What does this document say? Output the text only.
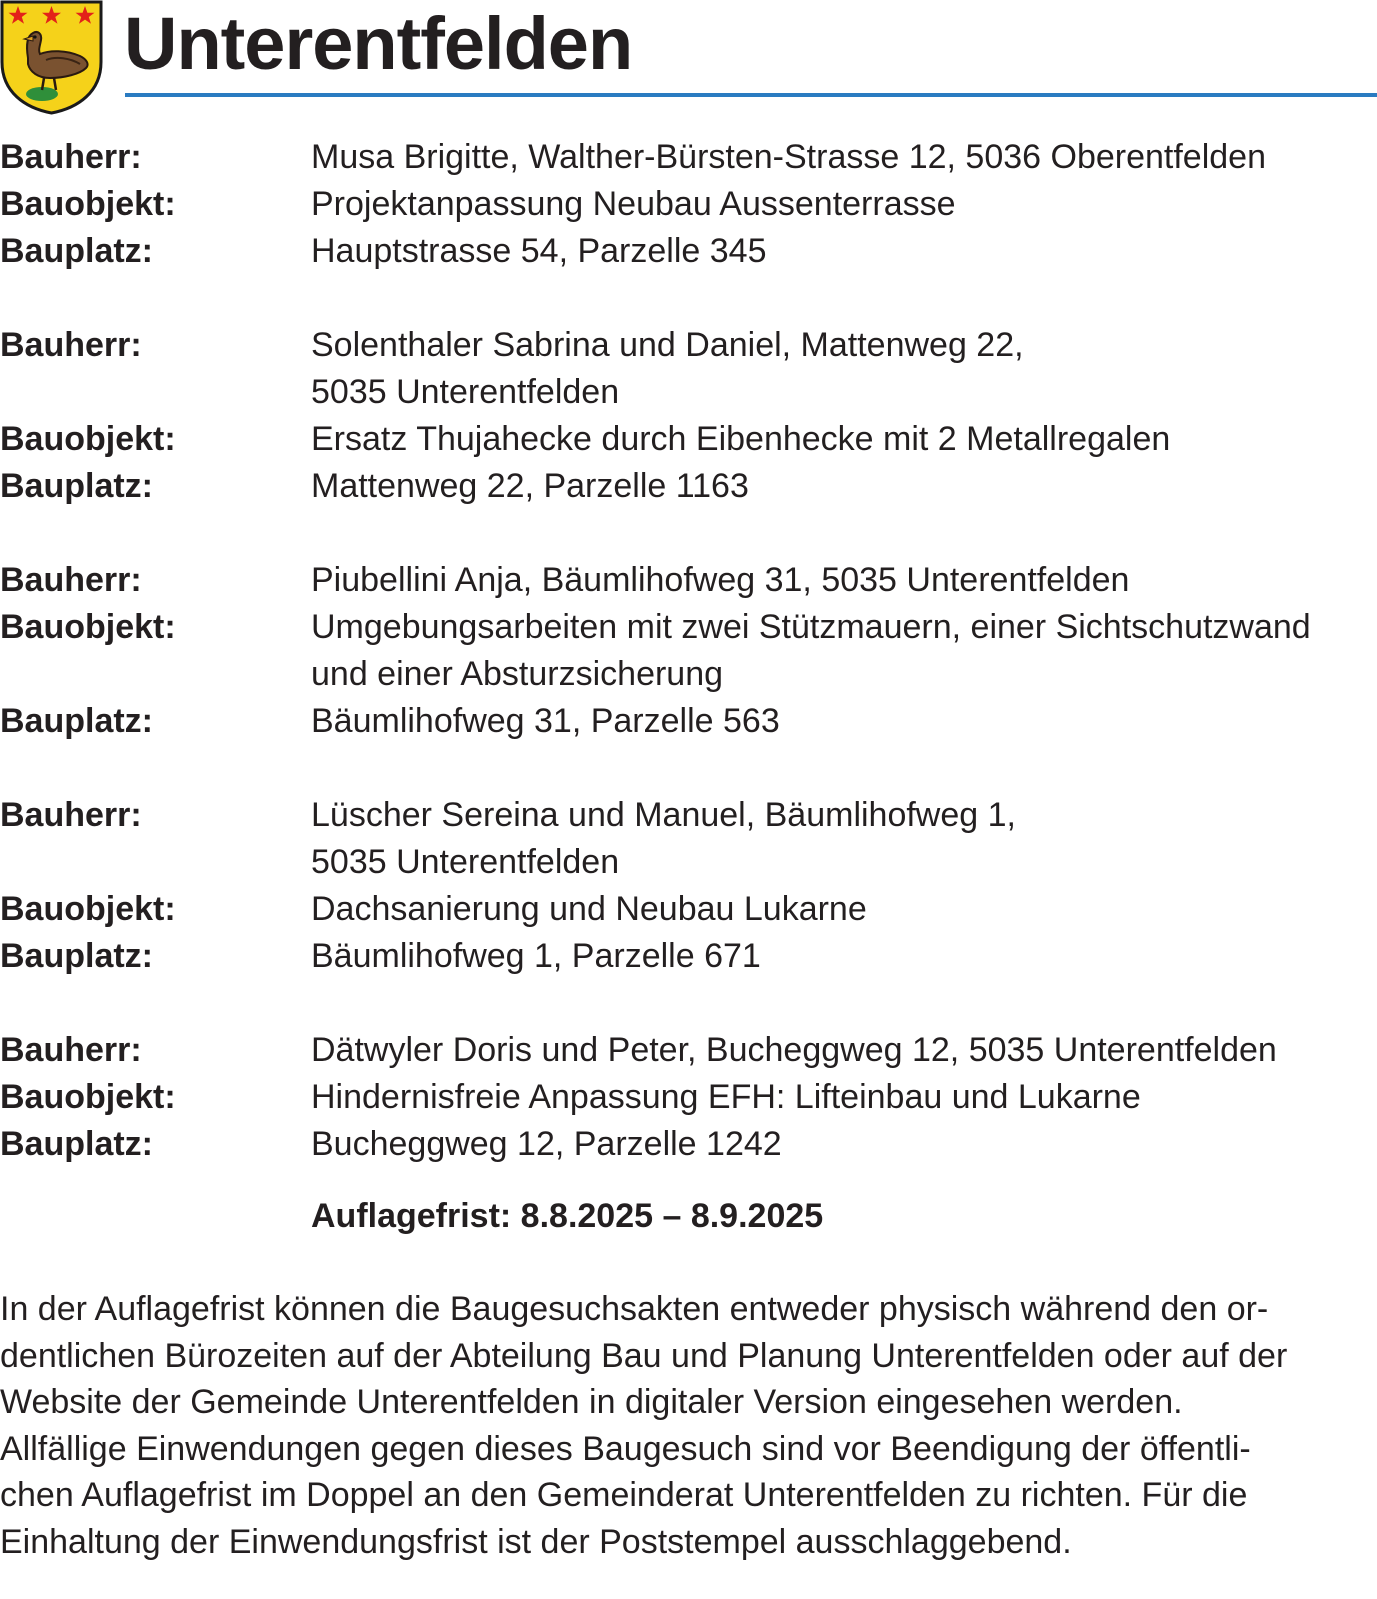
Unterentfelden
Bauherr:	Musa Brigitte, Walther-Bürsten-Strasse 12, 5036 Oberentfelden
Bauobjekt:	Projektanpassung Neubau Aussenterrasse
Bauplatz:	Hauptstrasse 54, Parzelle 345
Bauherr:	Solenthaler Sabrina und Daniel, Mattenweg 22,
5035 Unterentfelden
Bauobjekt:	Ersatz Thujahecke durch Eibenhecke mit 2 Metallregalen
Bauplatz:	Mattenweg 22, Parzelle 1163
Bauherr:	Piubellini Anja, Bäumlihofweg 31, 5035 Unterentfelden
Bauobjekt:	Umgebungsarbeiten mit zwei Stützmauern, einer Sichtschutzwand
und einer Absturzsicherung
Bauplatz:	Bäumlihofweg 31, Parzelle 563
Bauherr:	Lüscher Sereina und Manuel, Bäumlihofweg 1,
5035 Unterentfelden
Bauobjekt:	Dachsanierung und Neubau Lukarne
Bauplatz:	Bäumlihofweg 1, Parzelle 671
Bauherr:	Dätwyler Doris und Peter, Bucheggweg 12, 5035 Unterentfelden
Bauobjekt:	Hindernisfreie Anpassung EFH: Lifteinbau und Lukarne
Bauplatz:	Bucheggweg 12, Parzelle 1242
Auflagefrist: 8.8.2025 – 8.9.2025

In der Auflagefrist können die Baugesuchsakten entweder physisch während den or-
dentlichen Bürozeiten auf der Abteilung Bau und Planung Unterentfelden oder auf der
Website der Gemeinde Unterentfelden in digitaler Version eingesehen werden.
Allfällige Einwendungen gegen dieses Baugesuch sind vor Beendigung der öffentli-
chen Auflagefrist im Doppel an den Gemeinderat Unterentfelden zu richten. Für die
Einhaltung der Einwendungsfrist ist der Poststempel ausschlaggebend.
